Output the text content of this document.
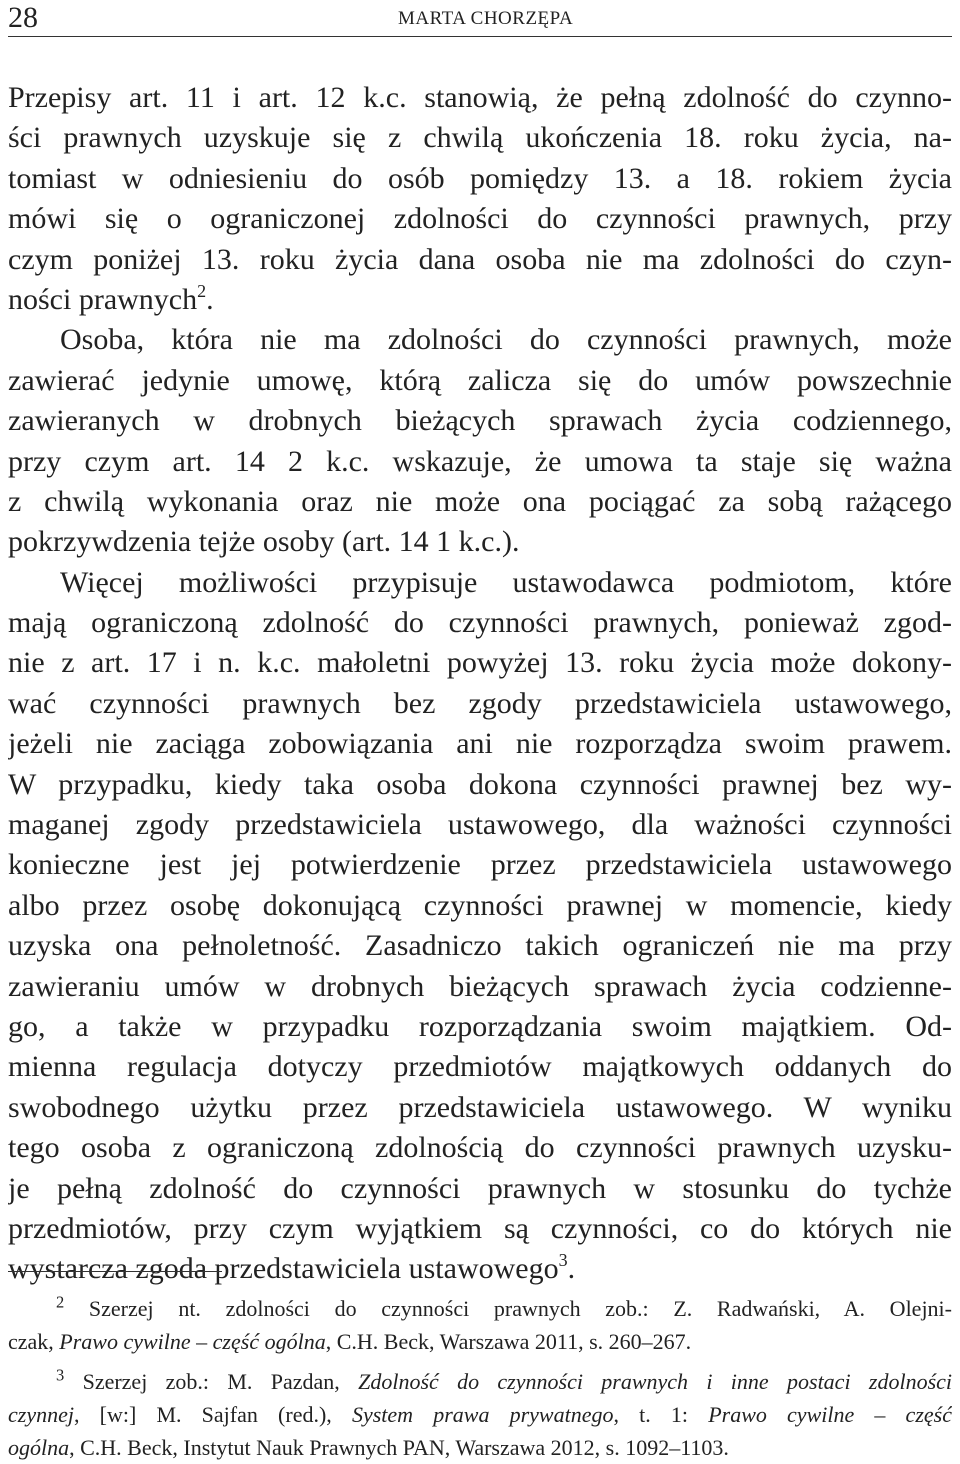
28	MARTA CHORZĘPA
Przepisy art. 11 i art. 12 k.c. stanowią, że pełną zdolność do czynno-
ści prawnych uzyskuje się z chwilą ukończenia 18. roku życia, na-
tomiast w odniesieniu do osób pomiędzy 13. a 18. rokiem życia
mówi się o ograniczonej zdolności do czynności prawnych, przy
czym poniżej 13. roku życia dana osoba nie ma zdolności do czyn-
ności prawnych$^2$.
Osoba, która nie ma zdolności do czynności prawnych, może
zawierać jedynie umowę, którą zalicza się do umów powszechnie
zawieranych w drobnych bieżących sprawach życia codziennego,
przy czym art. 14 2 k.c. wskazuje, że umowa ta staje się ważna
z chwilą wykonania oraz nie może ona pociągać za sobą rażącego
pokrzywdzenia tejże osoby (art. 14 1 k.c.).
Więcej możliwości przypisuje ustawodawca podmiotom, które
mają ograniczoną zdolność do czynności prawnych, ponieważ zgod-
nie z art. 17 i n. k.c. małoletni powyżej 13. roku życia może dokony-
wać czynności prawnych bez zgody przedstawiciela ustawowego,
jeżeli nie zaciąga zobowiązania ani nie rozporządza swoim prawem.
W przypadku, kiedy taka osoba dokona czynności prawnej bez wy-
maganej zgody przedstawiciela ustawowego, dla ważności czynności
konieczne jest jej potwierdzenie przez przedstawiciela ustawowego
albo przez osobę dokonującą czynności prawnej w momencie, kiedy
uzyska ona pełnoletność. Zasadniczo takich ograniczeń nie ma przy
zawieraniu umów w drobnych bieżących sprawach życia codzienne-
go, a także w przypadku rozporządzania swoim majątkiem. Od-
mienna regulacja dotyczy przedmiotów majątkowych oddanych do
swobodnego użytku przez przedstawiciela ustawowego. W wyniku
tego osoba z ograniczoną zdolnością do czynności prawnych uzysku-
je pełną zdolność do czynności prawnych w stosunku do tychże
przedmiotów, przy czym wyjątkiem są czynności, co do których nie
wystarcza zgoda przedstawiciela ustawowego$^3$.
$^2$ Szerzej nt. zdolności do czynności prawnych zob.: Z. Radwański, A. Olejni-
czak, Prawo cywilne – część ogólna, C.H. Beck, Warszawa 2011, s. 260–267.
$^3$ Szerzej zob.: M. Pazdan, Zdolność do czynności prawnych i inne postaci zdolności
czynnej, [w:] M. Sajfan (red.), System prawa prywatnego, t. 1: Prawo cywilne – część
ogólna, C.H. Beck, Instytut Nauk Prawnych PAN, Warszawa 2012, s. 1092–1103.
